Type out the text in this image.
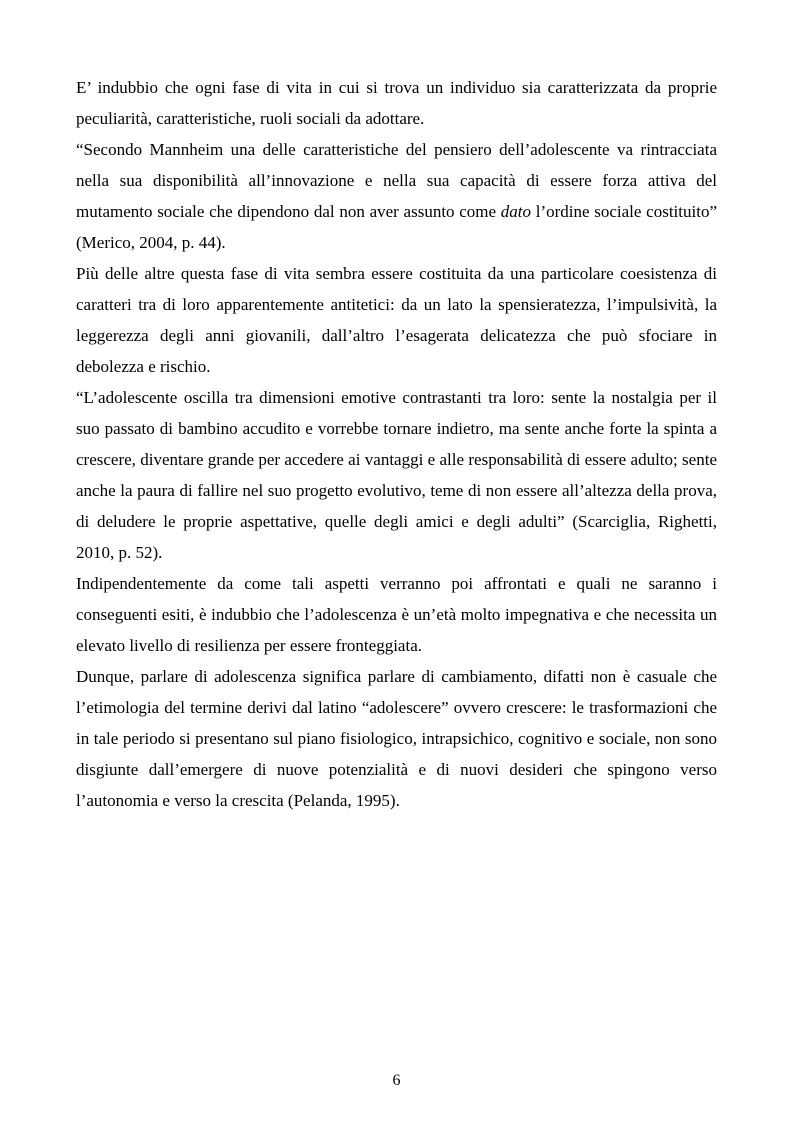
E’ indubbio che ogni fase di vita in cui si trova un individuo sia caratterizzata da proprie peculiarità, caratteristiche, ruoli sociali da adottare.

“Secondo Mannheim una delle caratteristiche del pensiero dell’adolescente va rintracciata nella sua disponibilità all’innovazione e nella sua capacità di essere forza attiva del mutamento sociale che dipendono dal non aver assunto come dato l’ordine sociale costituito” (Merico, 2004, p. 44).

Più delle altre questa fase di vita sembra essere costituita da una particolare coesistenza di caratteri tra di loro apparentemente antitetici: da un lato la spensieratezza, l’impulsività, la leggerezza degli anni giovanili, dall’altro l’esagerata delicatezza che può sfociare in debolezza e rischio.

“L’adolescente oscilla tra dimensioni emotive contrastanti tra loro: sente la nostalgia per il suo passato di bambino accudito e vorrebbe tornare indietro, ma sente anche forte la spinta a crescere, diventare grande per accedere ai vantaggi e alle responsabilità di essere adulto; sente anche la paura di fallire nel suo progetto evolutivo, teme di non essere all’altezza della prova, di deludere le proprie aspettative, quelle degli amici e degli adulti” (Scarciglia, Righetti, 2010, p. 52).

Indipendentemente da come tali aspetti verranno poi affrontati e quali ne saranno i conseguenti esiti, è indubbio che l’adolescenza è un’età molto impegnativa e che necessita un elevato livello di resilienza per essere fronteggiata.

Dunque, parlare di adolescenza significa parlare di cambiamento, difatti non è casuale che l’etimologia del termine derivi dal latino “adolescere” ovvero crescere: le trasformazioni che in tale periodo si presentano sul piano fisiologico, intrapsichico, cognitivo e sociale, non sono disgiunte dall’emergere di nuove potenzialità e di nuovi desideri che spingono verso l’autonomia e verso la crescita (Pelanda, 1995).

6
